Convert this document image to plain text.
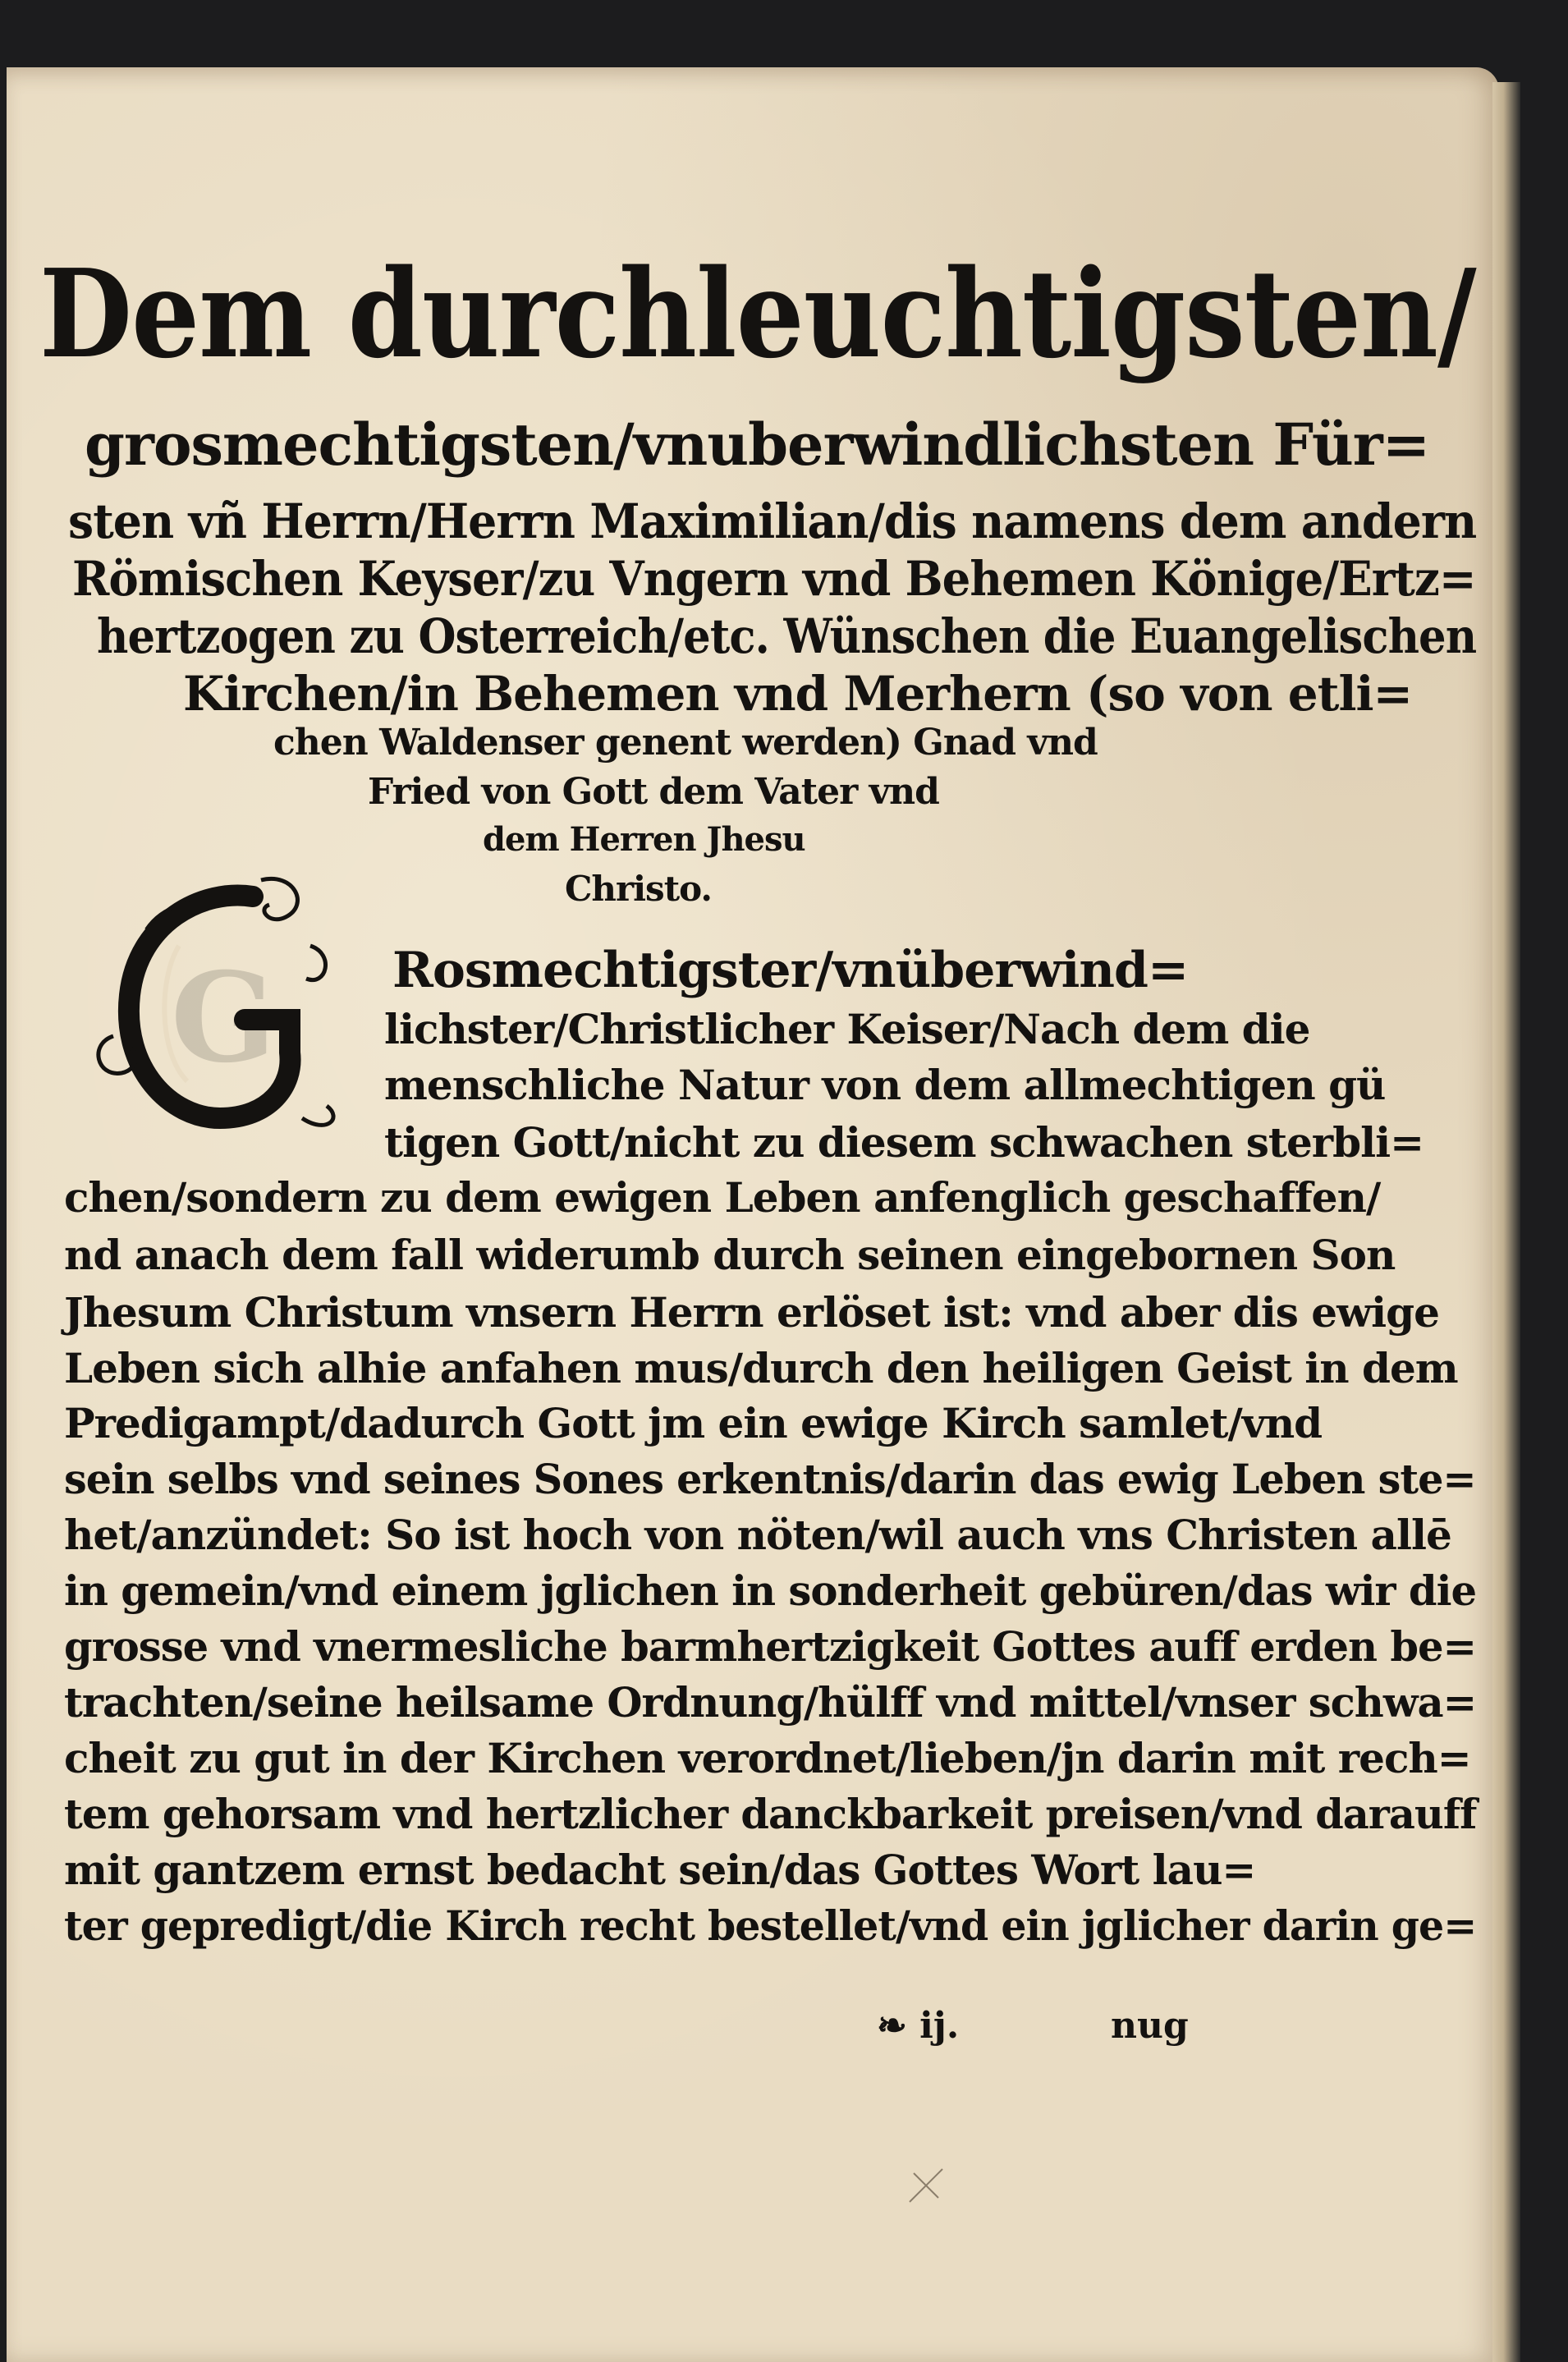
Dem durchleuchtigsten/
grosmechtigsten/vnuberwindlichsten Für=
sten vñ Herrn/Herrn Maximilian/dis namens dem andern
Römischen Keyser/zu Vngern vnd Behemen Könige/Ertz=
hertzogen zu Osterreich/etc. Wünschen die Euangelischen
Kirchen/in Behemen vnd Merhern (so von etli=
chen Waldenser genent werden) Gnad vnd
Fried von Gott dem Vater vnd
dem Herren Jhesu
Christo.
G Rosmechtigster/vnüberwind=
lichster/Christlicher Keiser/Nach dem die
menschliche Natur von dem allmechtigen gü
tigen Gott/nicht zu diesem schwachen sterbli=
chen/sondern zu dem ewigen Leben anfenglich geschaffen/
nd anach dem fall widerumb durch seinen eingebornen Son
Jhesum Christum vnsern Herrn erlöset ist: vnd aber dis ewige
Leben sich alhie anfahen mus/durch den heiligen Geist in dem
Predigampt/dadurch Gott jm ein ewige Kirch samlet/vnd
sein selbs vnd seines Sones erkentnis/darin das ewig Leben ste=
het/anzündet: So ist hoch von nöten/wil auch vns Christen allē
in gemein/vnd einem jglichen in sonderheit gebüren/das wir die
grosse vnd vnermesliche barmhertzigkeit Gottes auff erden be=
trachten/seine heilsame Ordnung/hülff vnd mittel/vnser schwa=
cheit zu gut in der Kirchen verordnet/lieben/jn darin mit rech=
tem gehorsam vnd hertzlicher danckbarkeit preisen/vnd darauff
mit gantzem ernst bedacht sein/das Gottes Wort lau=
ter gepredigt/die Kirch recht bestellet/vnd ein jglicher darin ge=
❧ ij.	nug
